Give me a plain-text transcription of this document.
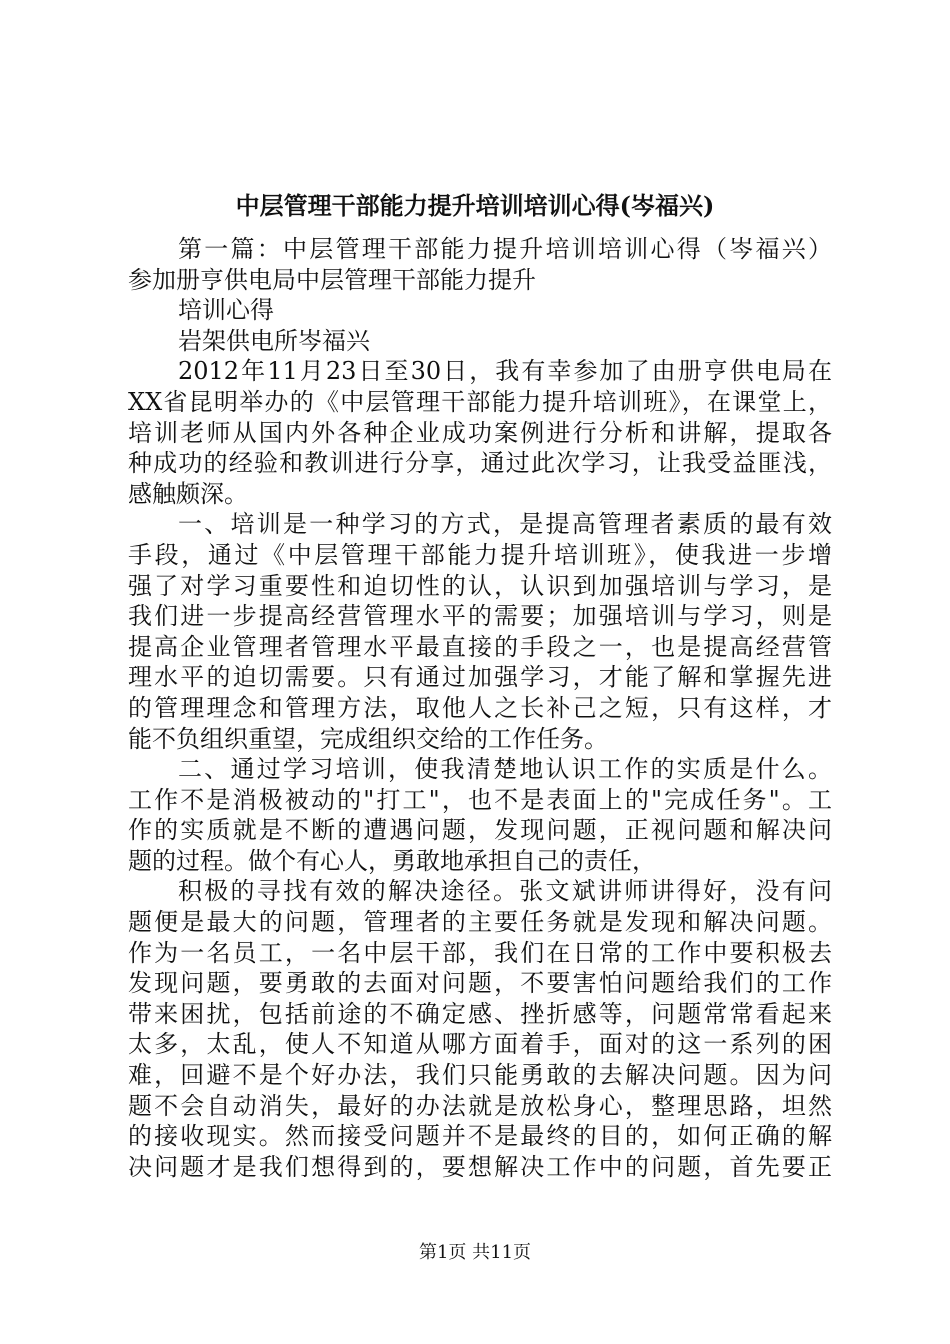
中层管理干部能力提升培训培训心得(岑福兴)
第一篇：中层管理干部能力提升培训培训心得（岑福兴）
参加册亨供电局中层管理干部能力提升
培训心得
岩架供电所岑福兴
2012年11月23日至30日，我有幸参加了由册亨供电局在
XX省昆明举办的《中层管理干部能力提升培训班》，在课堂上，
培训老师从国内外各种企业成功案例进行分析和讲解，提取各
种成功的经验和教训进行分享，通过此次学习，让我受益匪浅，
感触颇深。
一、培训是一种学习的方式，是提高管理者素质的最有效
手段，通过《中层管理干部能力提升培训班》，使我进一步增
强了对学习重要性和迫切性的认，认识到加强培训与学习，是
我们进一步提高经营管理水平的需要；加强培训与学习，则是
提高企业管理者管理水平最直接的手段之一，也是提高经营管
理水平的迫切需要。只有通过加强学习，才能了解和掌握先进
的管理理念和管理方法，取他人之长补己之短，只有这样，才
能不负组织重望，完成组织交给的工作任务。
二、通过学习培训，使我清楚地认识工作的实质是什么。
工作不是消极被动的"打工"，也不是表面上的"完成任务"。工
作的实质就是不断的遭遇问题，发现问题，正视问题和解决问
题的过程。做个有心人，勇敢地承担自己的责任，
积极的寻找有效的解决途径。张文斌讲师讲得好，没有问
题便是最大的问题，管理者的主要任务就是发现和解决问题。
作为一名员工，一名中层干部，我们在日常的工作中要积极去
发现问题，要勇敢的去面对问题，不要害怕问题给我们的工作
带来困扰，包括前途的不确定感、挫折感等，问题常常看起来
太多，太乱，使人不知道从哪方面着手，面对的这一系列的困
难，回避不是个好办法，我们只能勇敢的去解决问题。因为问
题不会自动消失，最好的办法就是放松身心，整理思路，坦然
的接收现实。然而接受问题并不是最终的目的，如何正确的解
决问题才是我们想得到的，要想解决工作中的问题，首先要正
第1页 共11页
